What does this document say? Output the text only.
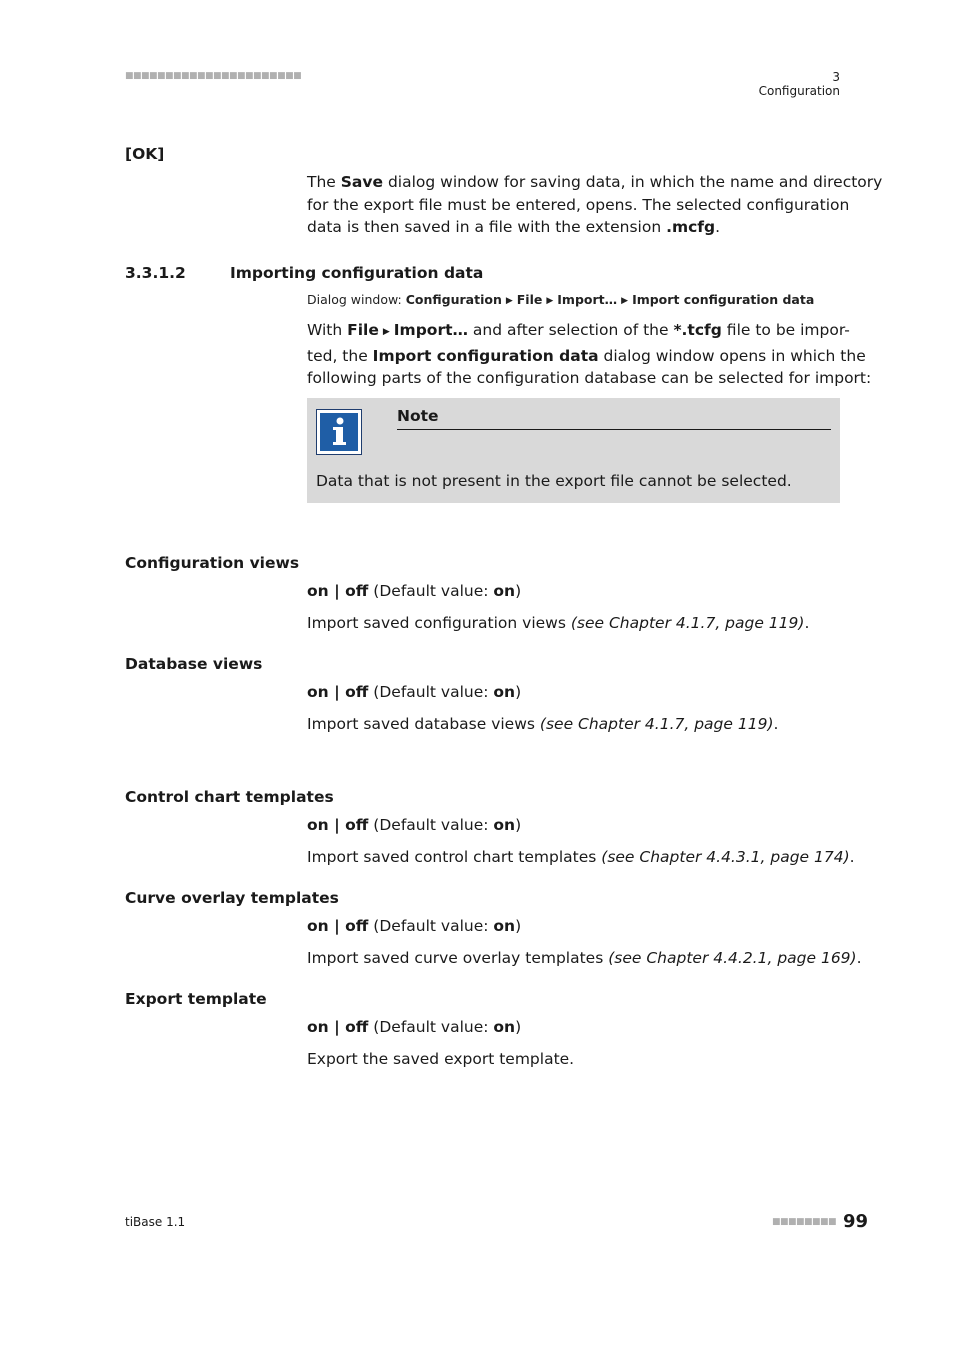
■■■■■■■■■■■■■■■■■■■■■■	3 Configuration
[OK]
The Save dialog window for saving data, in which the name and directory
for the export file must be entered, opens. The selected configuration
data is then saved in a file with the extension .mcfg.
3.3.1.2	Importing configuration data
Dialog window: Configuration ▶ File ▶ Import… ▶ Import configuration data
With File ▶ Import… and after selection of the *.tcfg file to be impor-
ted, the Import configuration data dialog window opens in which the
following parts of the configuration database can be selected for import:
Note
Data that is not present in the export file cannot be selected.
Configuration views
on | off (Default value: on)
Import saved configuration views (see Chapter 4.1.7, page 119).
Database views
on | off (Default value: on)
Import saved database views (see Chapter 4.1.7, page 119).
Control chart templates
on | off (Default value: on)
Import saved control chart templates (see Chapter 4.4.3.1, page 174).
Curve overlay templates
on | off (Default value: on)
Import saved curve overlay templates (see Chapter 4.4.2.1, page 169).
Export template
on | off (Default value: on)
Export the saved export template.
tiBase 1.1	■■■■■■■■ 99
